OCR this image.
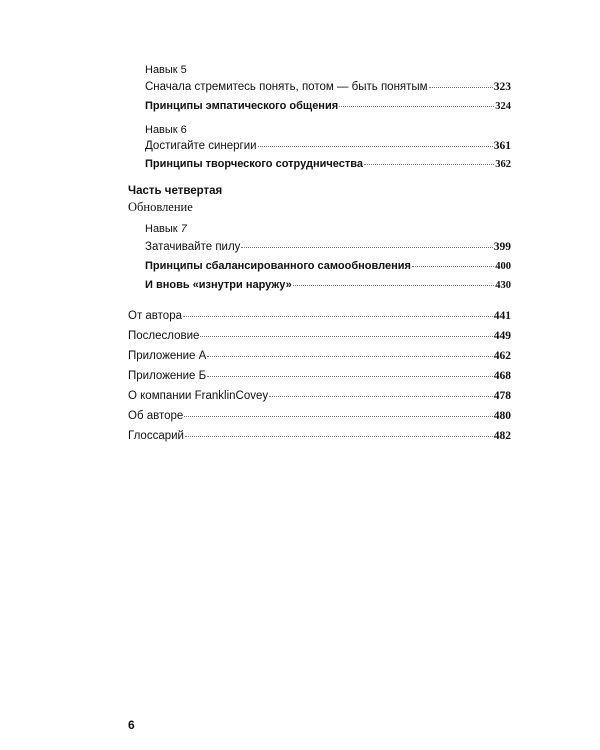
Навык 5
Сначала стремитесь понять, потом — быть понятым	323
Принципы эмпатического общения	324
Навык 6
Достигайте синергии	361
Принципы творческого сотрудничества	362
Часть четвертая
Обновление
Навык 7
Затачивайте пилу	399
Принципы сбалансированного самообновления	400
И вновь «изнутри наружу»	430
От автора	441
Послесловие	449
Приложение А	462
Приложение Б	468
О компании FranklinCovey	478
Об авторе	480
Глоссарий	482
6
